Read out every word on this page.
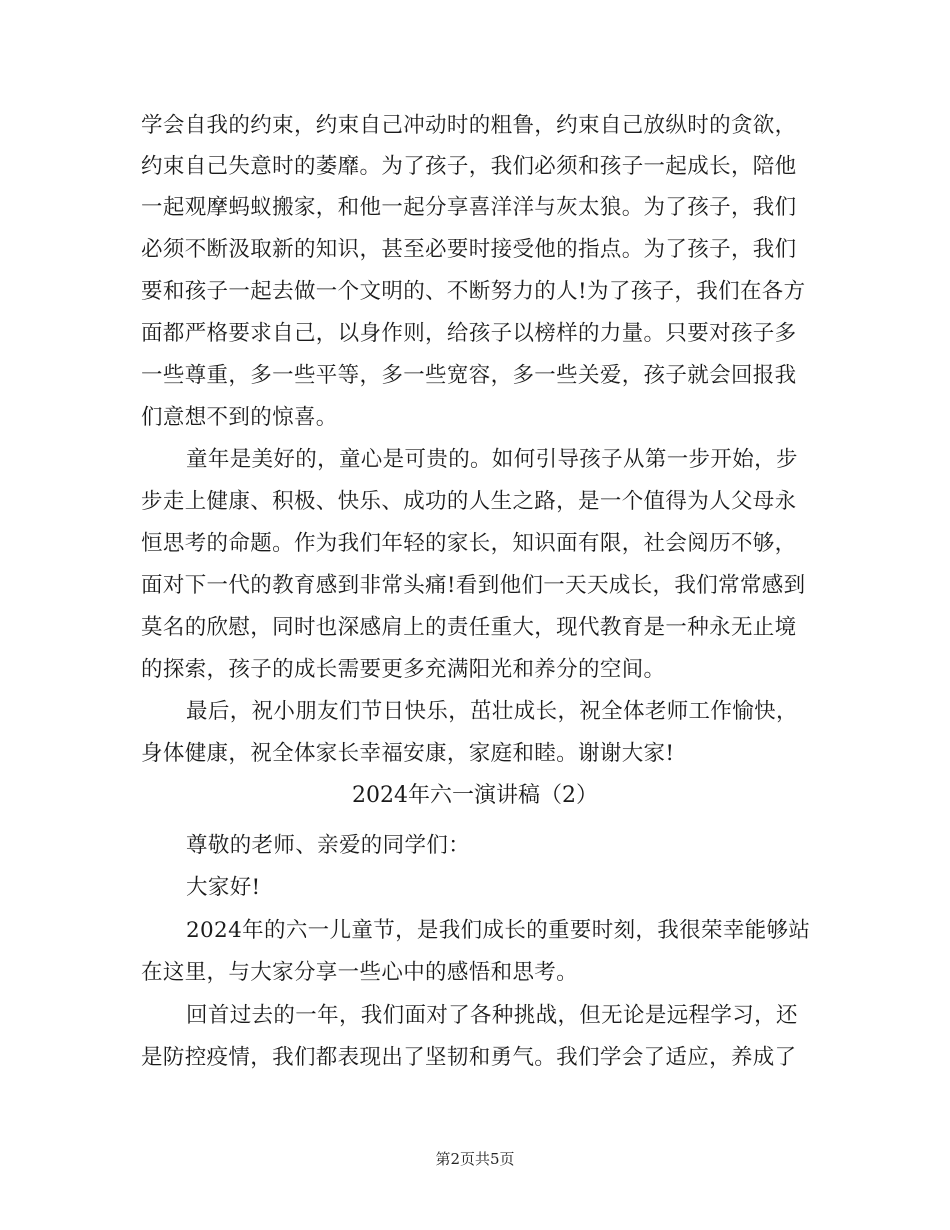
学会自我的约束，约束自己冲动时的粗鲁，约束自己放纵时的贪欲，
约束自己失意时的萎靡。为了孩子，我们必须和孩子一起成长，陪他
一起观摩蚂蚁搬家，和他一起分享喜洋洋与灰太狼。为了孩子，我们
必须不断汲取新的知识，甚至必要时接受他的指点。为了孩子，我们
要和孩子一起去做一个文明的、不断努力的人!为了孩子，我们在各方
面都严格要求自己，以身作则，给孩子以榜样的力量。只要对孩子多
一些尊重，多一些平等，多一些宽容，多一些关爱，孩子就会回报我
们意想不到的惊喜。
童年是美好的，童心是可贵的。如何引导孩子从第一步开始，步
步走上健康、积极、快乐、成功的人生之路，是一个值得为人父母永
恒思考的命题。作为我们年轻的家长，知识面有限，社会阅历不够，
面对下一代的教育感到非常头痛!看到他们一天天成长，我们常常感到
莫名的欣慰，同时也深感肩上的责任重大，现代教育是一种永无止境
的探索，孩子的成长需要更多充满阳光和养分的空间。
最后，祝小朋友们节日快乐，茁壮成长，祝全体老师工作愉快，
身体健康，祝全体家长幸福安康，家庭和睦。谢谢大家!
2024年六一演讲稿（2）
尊敬的老师、亲爱的同学们：
大家好!
2024年的六一儿童节，是我们成长的重要时刻，我很荣幸能够站
在这里，与大家分享一些心中的感悟和思考。
回首过去的一年，我们面对了各种挑战，但无论是远程学习，还
是防控疫情，我们都表现出了坚韧和勇气。我们学会了适应，养成了
第2页共5页
